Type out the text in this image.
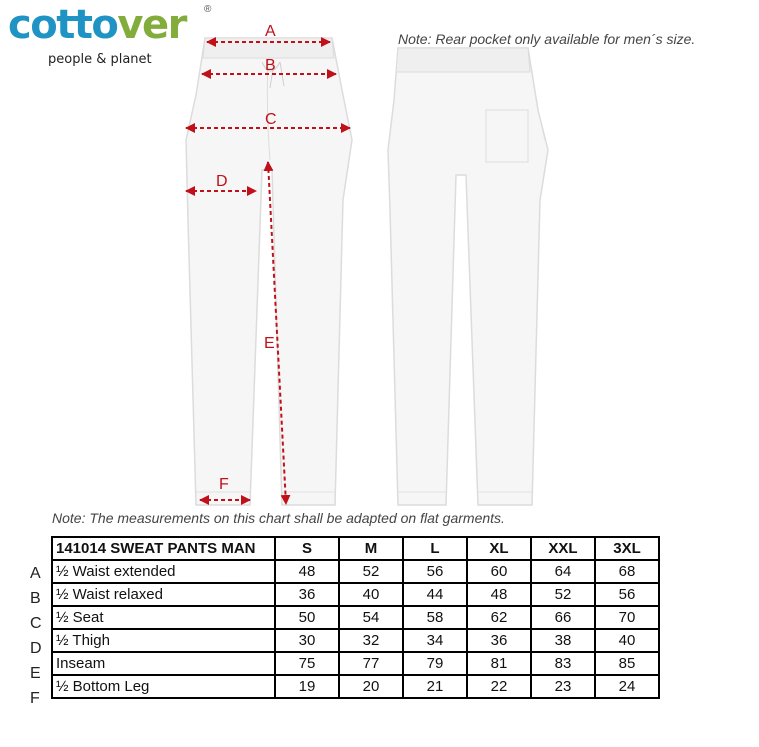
cottover ®
people & planet
Note: Rear pocket only available for men´s size.
A
B
C
D
E
F
Note: The measurements on this chart shall be adapted on flat garments.
A
B
C
D
E
F
141014 SWEAT PANTS MAN	S	M	L	XL	XXL	3XL
½ Waist extended	48	52	56	60	64	68
½ Waist relaxed	36	40	44	48	52	56
½ Seat	50	54	58	62	66	70
½ Thigh	30	32	34	36	38	40
Inseam	75	77	79	81	83	85
½ Bottom Leg	19	20	21	22	23	24
